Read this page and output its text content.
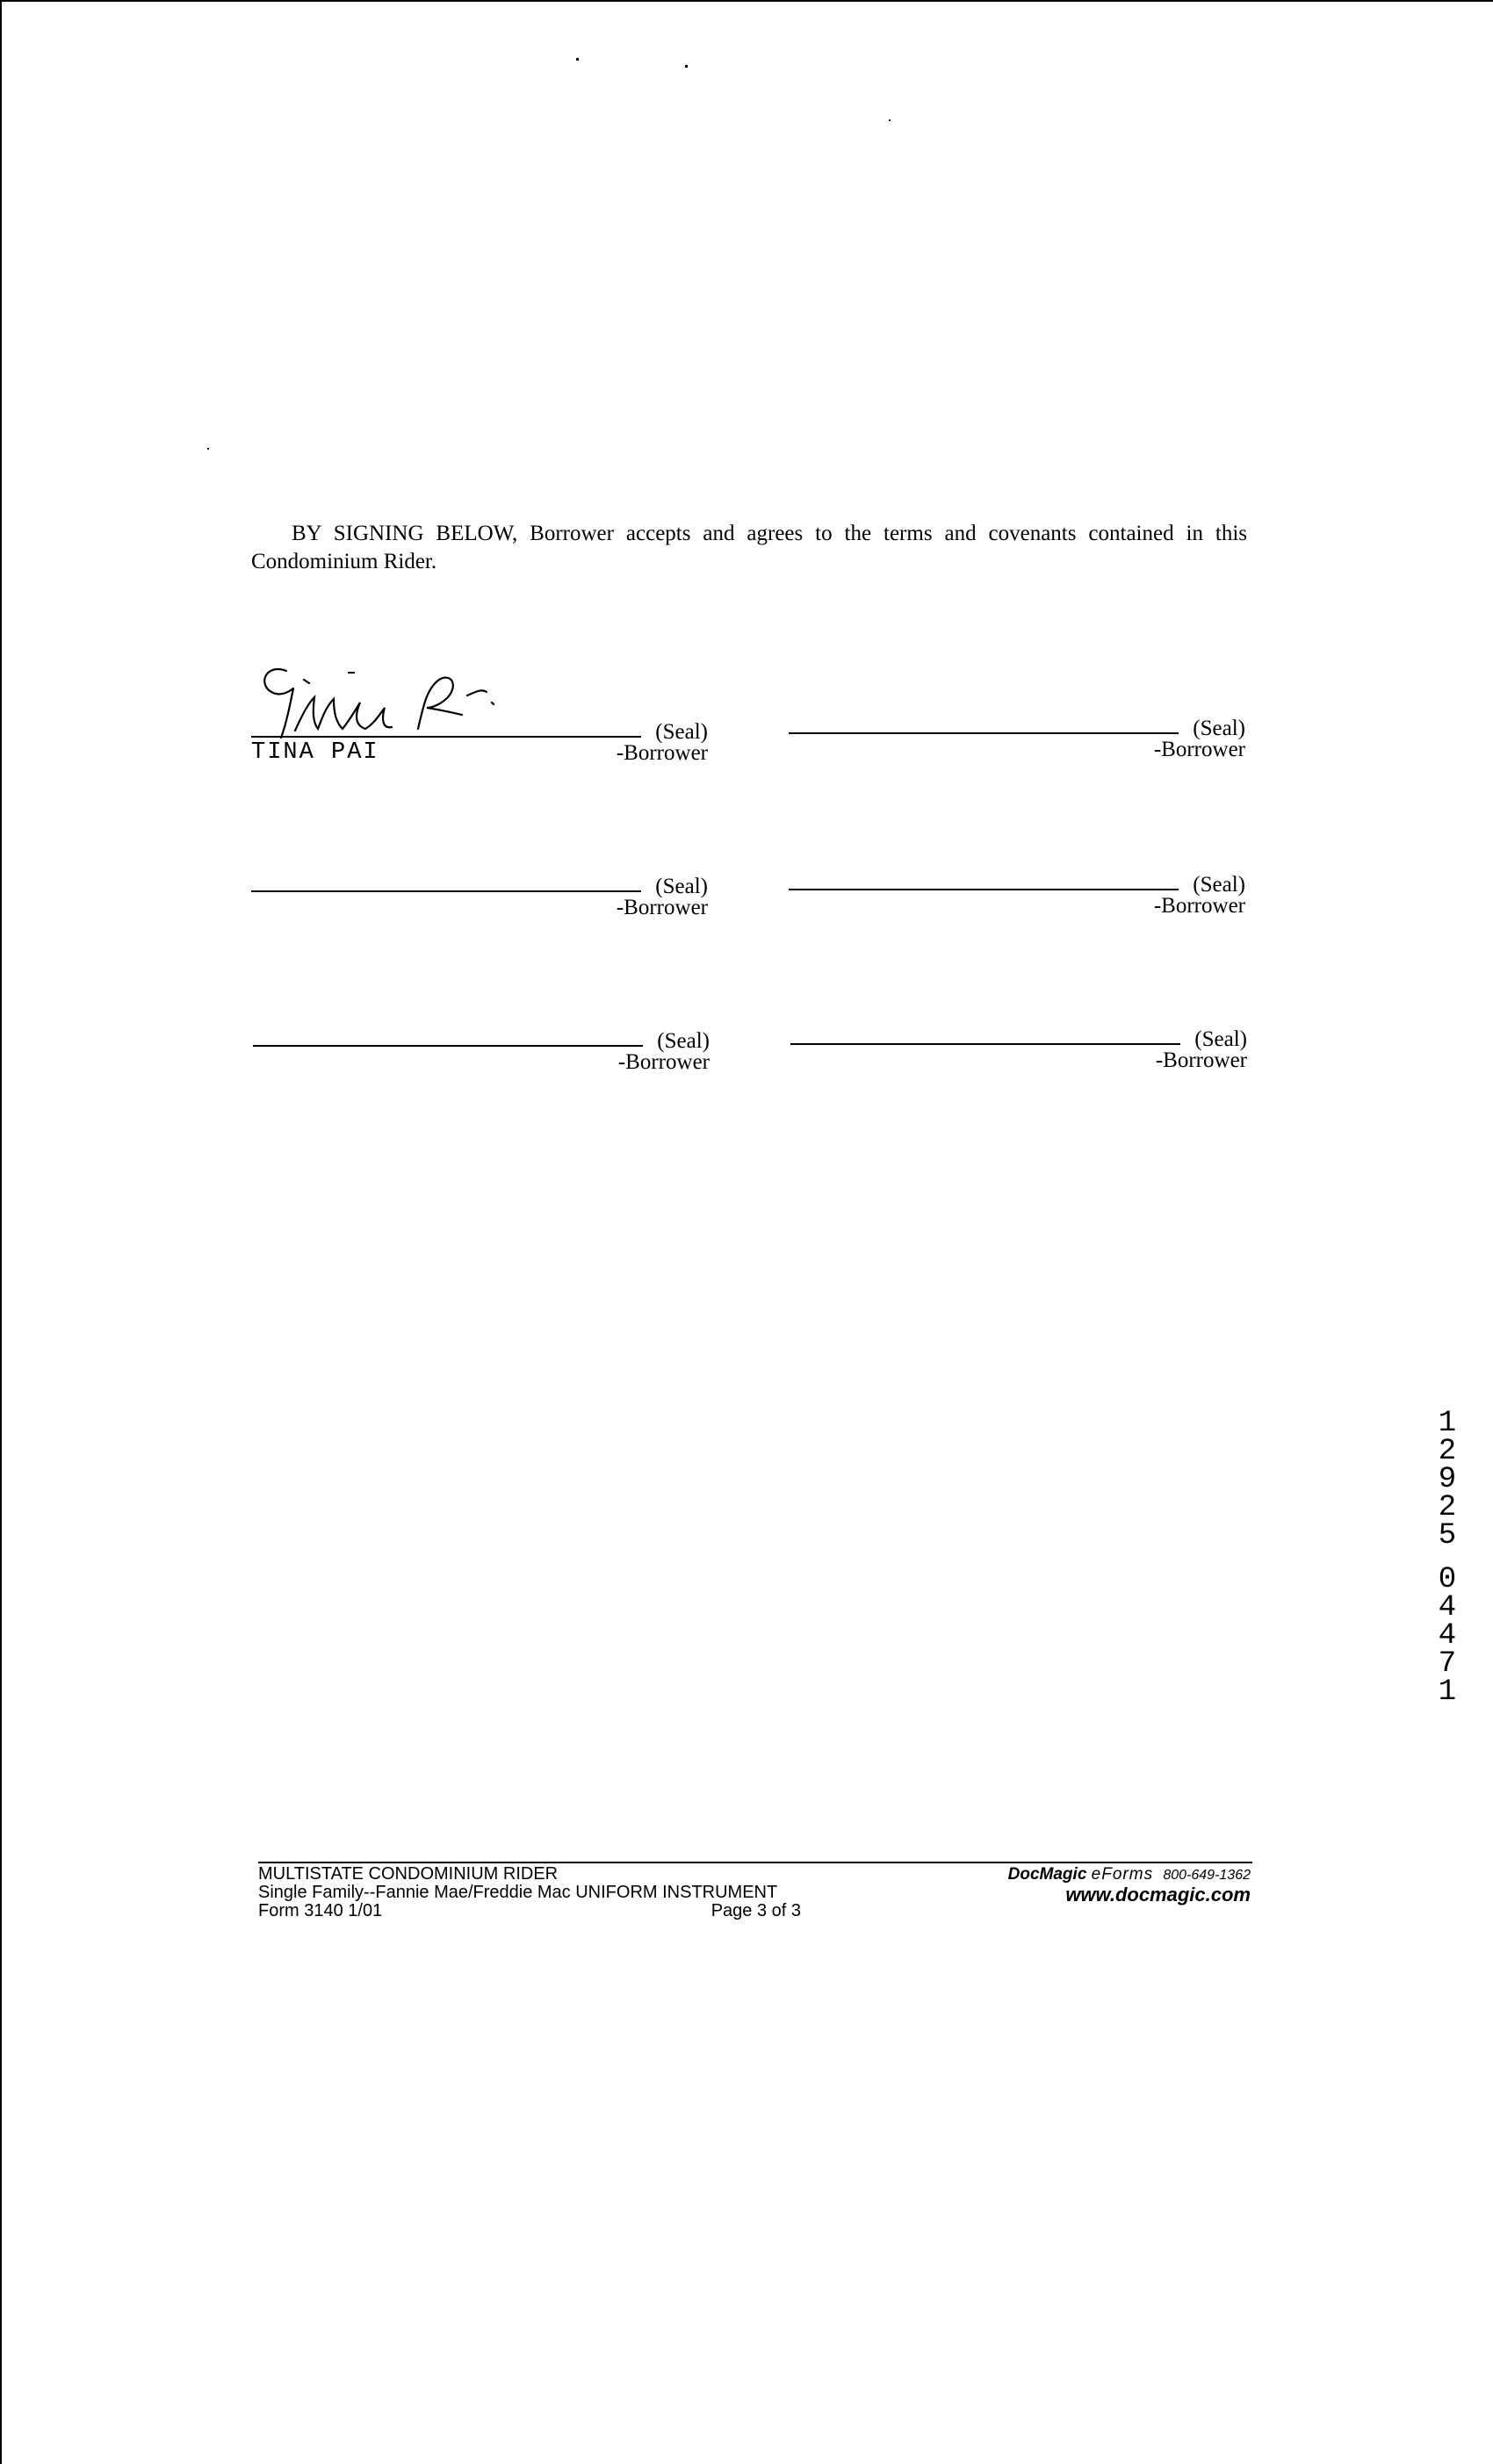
BY SIGNING BELOW, Borrower accepts and agrees to the terms and covenants contained in this Condominium Rider.

(Seal)
-Borrower
TINA PAI
(Seal)
-Borrower
(Seal)
-Borrower
(Seal)
-Borrower
(Seal)
-Borrower
(Seal)
-Borrower
1
2
9
2
5
0
4
4
7
1
MULTISTATE CONDOMINIUM RIDER
Single Family--Fannie Mae/Freddie Mac UNIFORM INSTRUMENT
Form 3140 1/01	Page 3 of 3
DocMagic eForms 800-649-1362
www.docmagic.com
